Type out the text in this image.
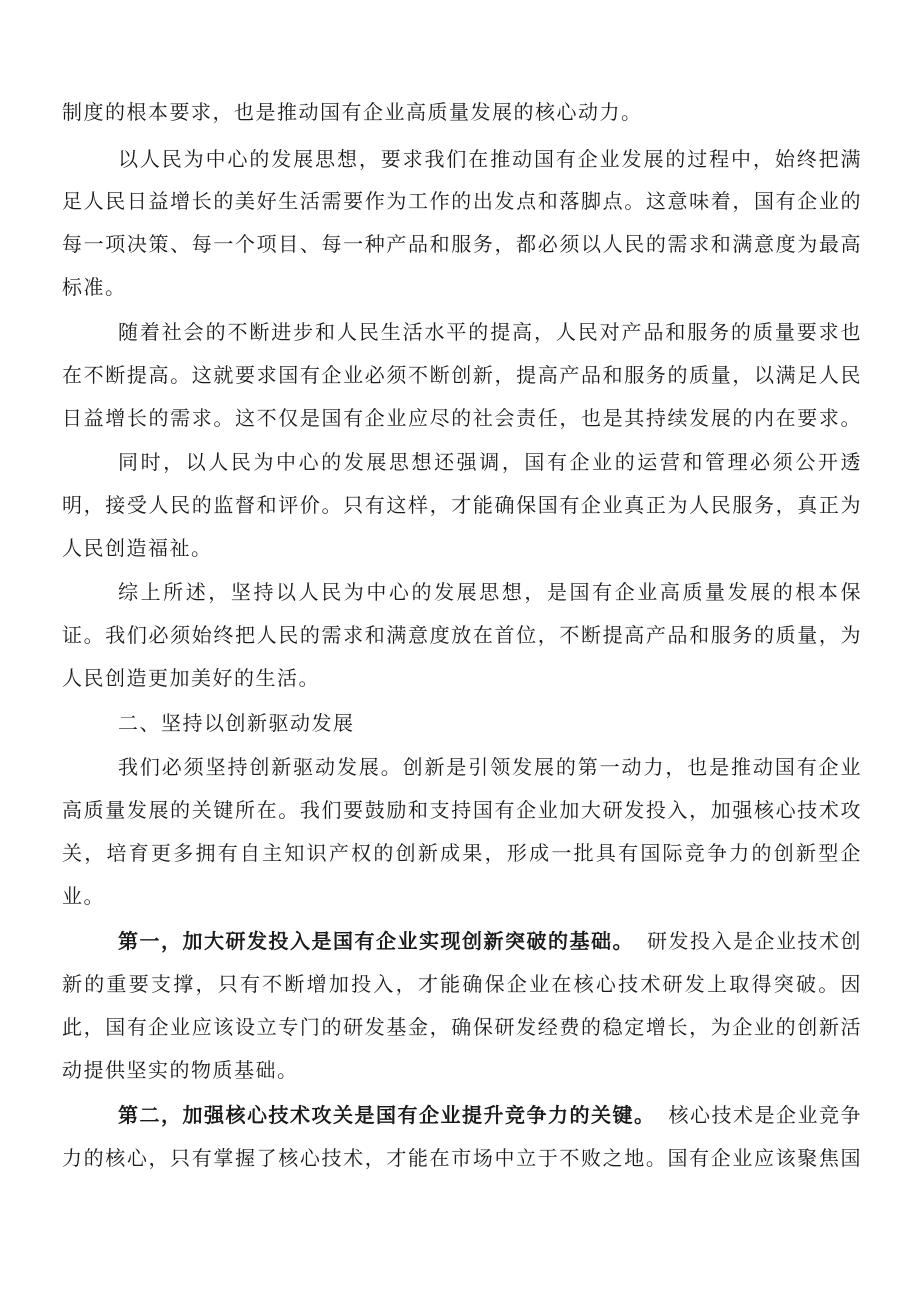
制度的根本要求，也是推动国有企业高质量发展的核心动力。
以人民为中心的发展思想，要求我们在推动国有企业发展的过程中，始终把满
足人民日益增长的美好生活需要作为工作的出发点和落脚点。这意味着，国有企业的
每一项决策、每一个项目、每一种产品和服务，都必须以人民的需求和满意度为最高
标准。
随着社会的不断进步和人民生活水平的提高，人民对产品和服务的质量要求也
在不断提高。这就要求国有企业必须不断创新，提高产品和服务的质量，以满足人民
日益增长的需求。这不仅是国有企业应尽的社会责任，也是其持续发展的内在要求。
同时，以人民为中心的发展思想还强调，国有企业的运营和管理必须公开透
明，接受人民的监督和评价。只有这样，才能确保国有企业真正为人民服务，真正为
人民创造福祉。
综上所述，坚持以人民为中心的发展思想，是国有企业高质量发展的根本保
证。我们必须始终把人民的需求和满意度放在首位，不断提高产品和服务的质量，为
人民创造更加美好的生活。
二、坚持以创新驱动发展
我们必须坚持创新驱动发展。创新是引领发展的第一动力，也是推动国有企业
高质量发展的关键所在。我们要鼓励和支持国有企业加大研发投入，加强核心技术攻
关，培育更多拥有自主知识产权的创新成果，形成一批具有国际竞争力的创新型企
业。
第一，加大研发投入是国有企业实现创新突破的基础。 研发投入是企业技术创
新的重要支撑，只有不断增加投入，才能确保企业在核心技术研发上取得突破。因
此，国有企业应该设立专门的研发基金，确保研发经费的稳定增长，为企业的创新活
动提供坚实的物质基础。
第二，加强核心技术攻关是国有企业提升竞争力的关键。 核心技术是企业竞争
力的核心，只有掌握了核心技术，才能在市场中立于不败之地。国有企业应该聚焦国
